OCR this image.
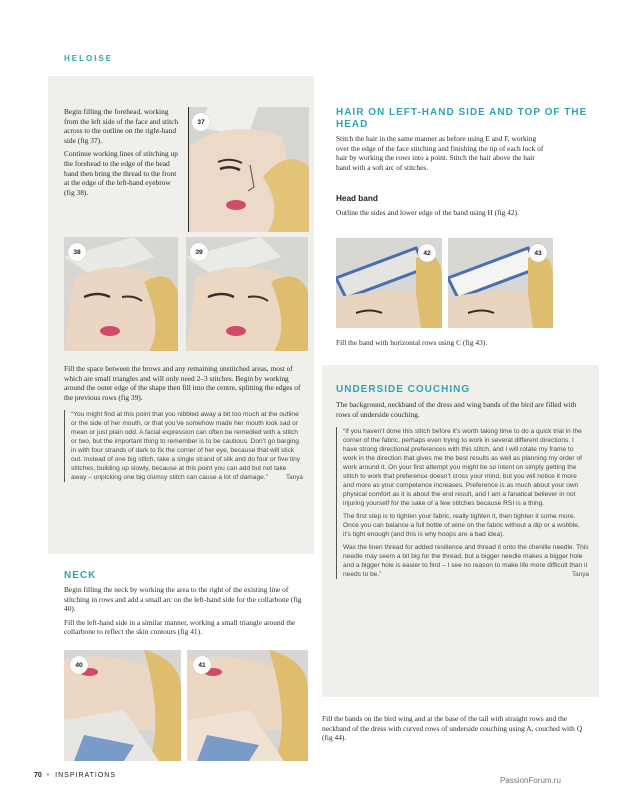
HELOISE

Begin filling the forehead, working from the left side of the face and stitch across to the outline on the right-hand side (fig 37).

Continue working lines of stitching up the forehead to the edge of the head band then bring the thread to the front at the edge of the left-hand eyebrow (fig 38).

37
38	39

Fill the space between the brows and any remaining unstitched areas, most of which are small triangles and will only need 2–3 stitches. Begin by working around the outer edge of the shape then fill into the centre, splitting the edges of the previous rows (fig 39).

“You might find at this point that you nibbled away a bit too much at the outline or the side of her mouth, or that you’ve somehow made her mouth look sad or mean or just plain odd. A facial expression can often be remedied with a stitch or two, but the important thing to remember is to be cautious. Don’t go barging in with four strands of dark to fix the corner of her eye, because that will stick out. Instead of one big stitch, take a single strand of silk and do four or five tiny stitches, building up slowly, because at this point you can add but not take away – unpicking one big clumsy stitch can cause a lot of damage.”	Tanya
NECK

Begin filling the neck by working the area to the right of the existing line of stitching in rows and add a small arc on the left-hand side for the collarbone (fig 40).

Fill the left-hand side in a similar manner, working a small triangle around the collarbone to reflect the skin contours (fig 41).

40	41
HAIR ON LEFT-HAND SIDE AND TOP OF THE HEAD

Stitch the hair in the same manner as before using E and F, working over the edge of the face stitching and finishing the tip of each lock of hair by working the rows into a point. Stitch the hair above the hair band with a soft arc of stitches.

Head band

Outline the sides and lower edge of the band using H (fig 42).

42	43

Fill the band with horizontal rows using C (fig 43).

UNDERSIDE COUCHING

The background, neckband of the dress and wing bands of the bird are filled with rows of underside couching.

“If you haven’t done this stitch before it’s worth taking time to do a quick trial in the corner of the fabric, perhaps even trying to work in several different directions. I have strong directional preferences with this stitch, and I will rotate my frame to work in the direction that gives me the best results as well as planning my order of work around it. On your first attempt you might be so intent on simply getting the stitch to work that preference doesn’t cross your mind, but you will notice it more and more as your competence increases. Preference is as much about your own physical comfort as it is about the end result, and I am a fanatical believer in not injuring yourself for the sake of a few stitches because RSI is a thing.

The first step is to tighten your fabric, really tighten it, then tighten it some more. Once you can balance a full bottle of wine on the fabric without a dip or a wobble, it’s tight enough (and this is why hoops are a bad idea).

Wax the linen thread for added resilience and thread it onto the chenille needle. This needle may seem a bit big for the thread, but a bigger needle makes a bigger hole and a bigger hole is easier to find – I see no reason to make life more difficult than it needs to be.”	Tanya

Fill the bands on the bird wing and at the base of the tail with straight rows and the neckband of the dress with curved rows of underside couching using A, couched with Q (fig 44).

70 • INSPIRATIONS
PassionForum.ru
